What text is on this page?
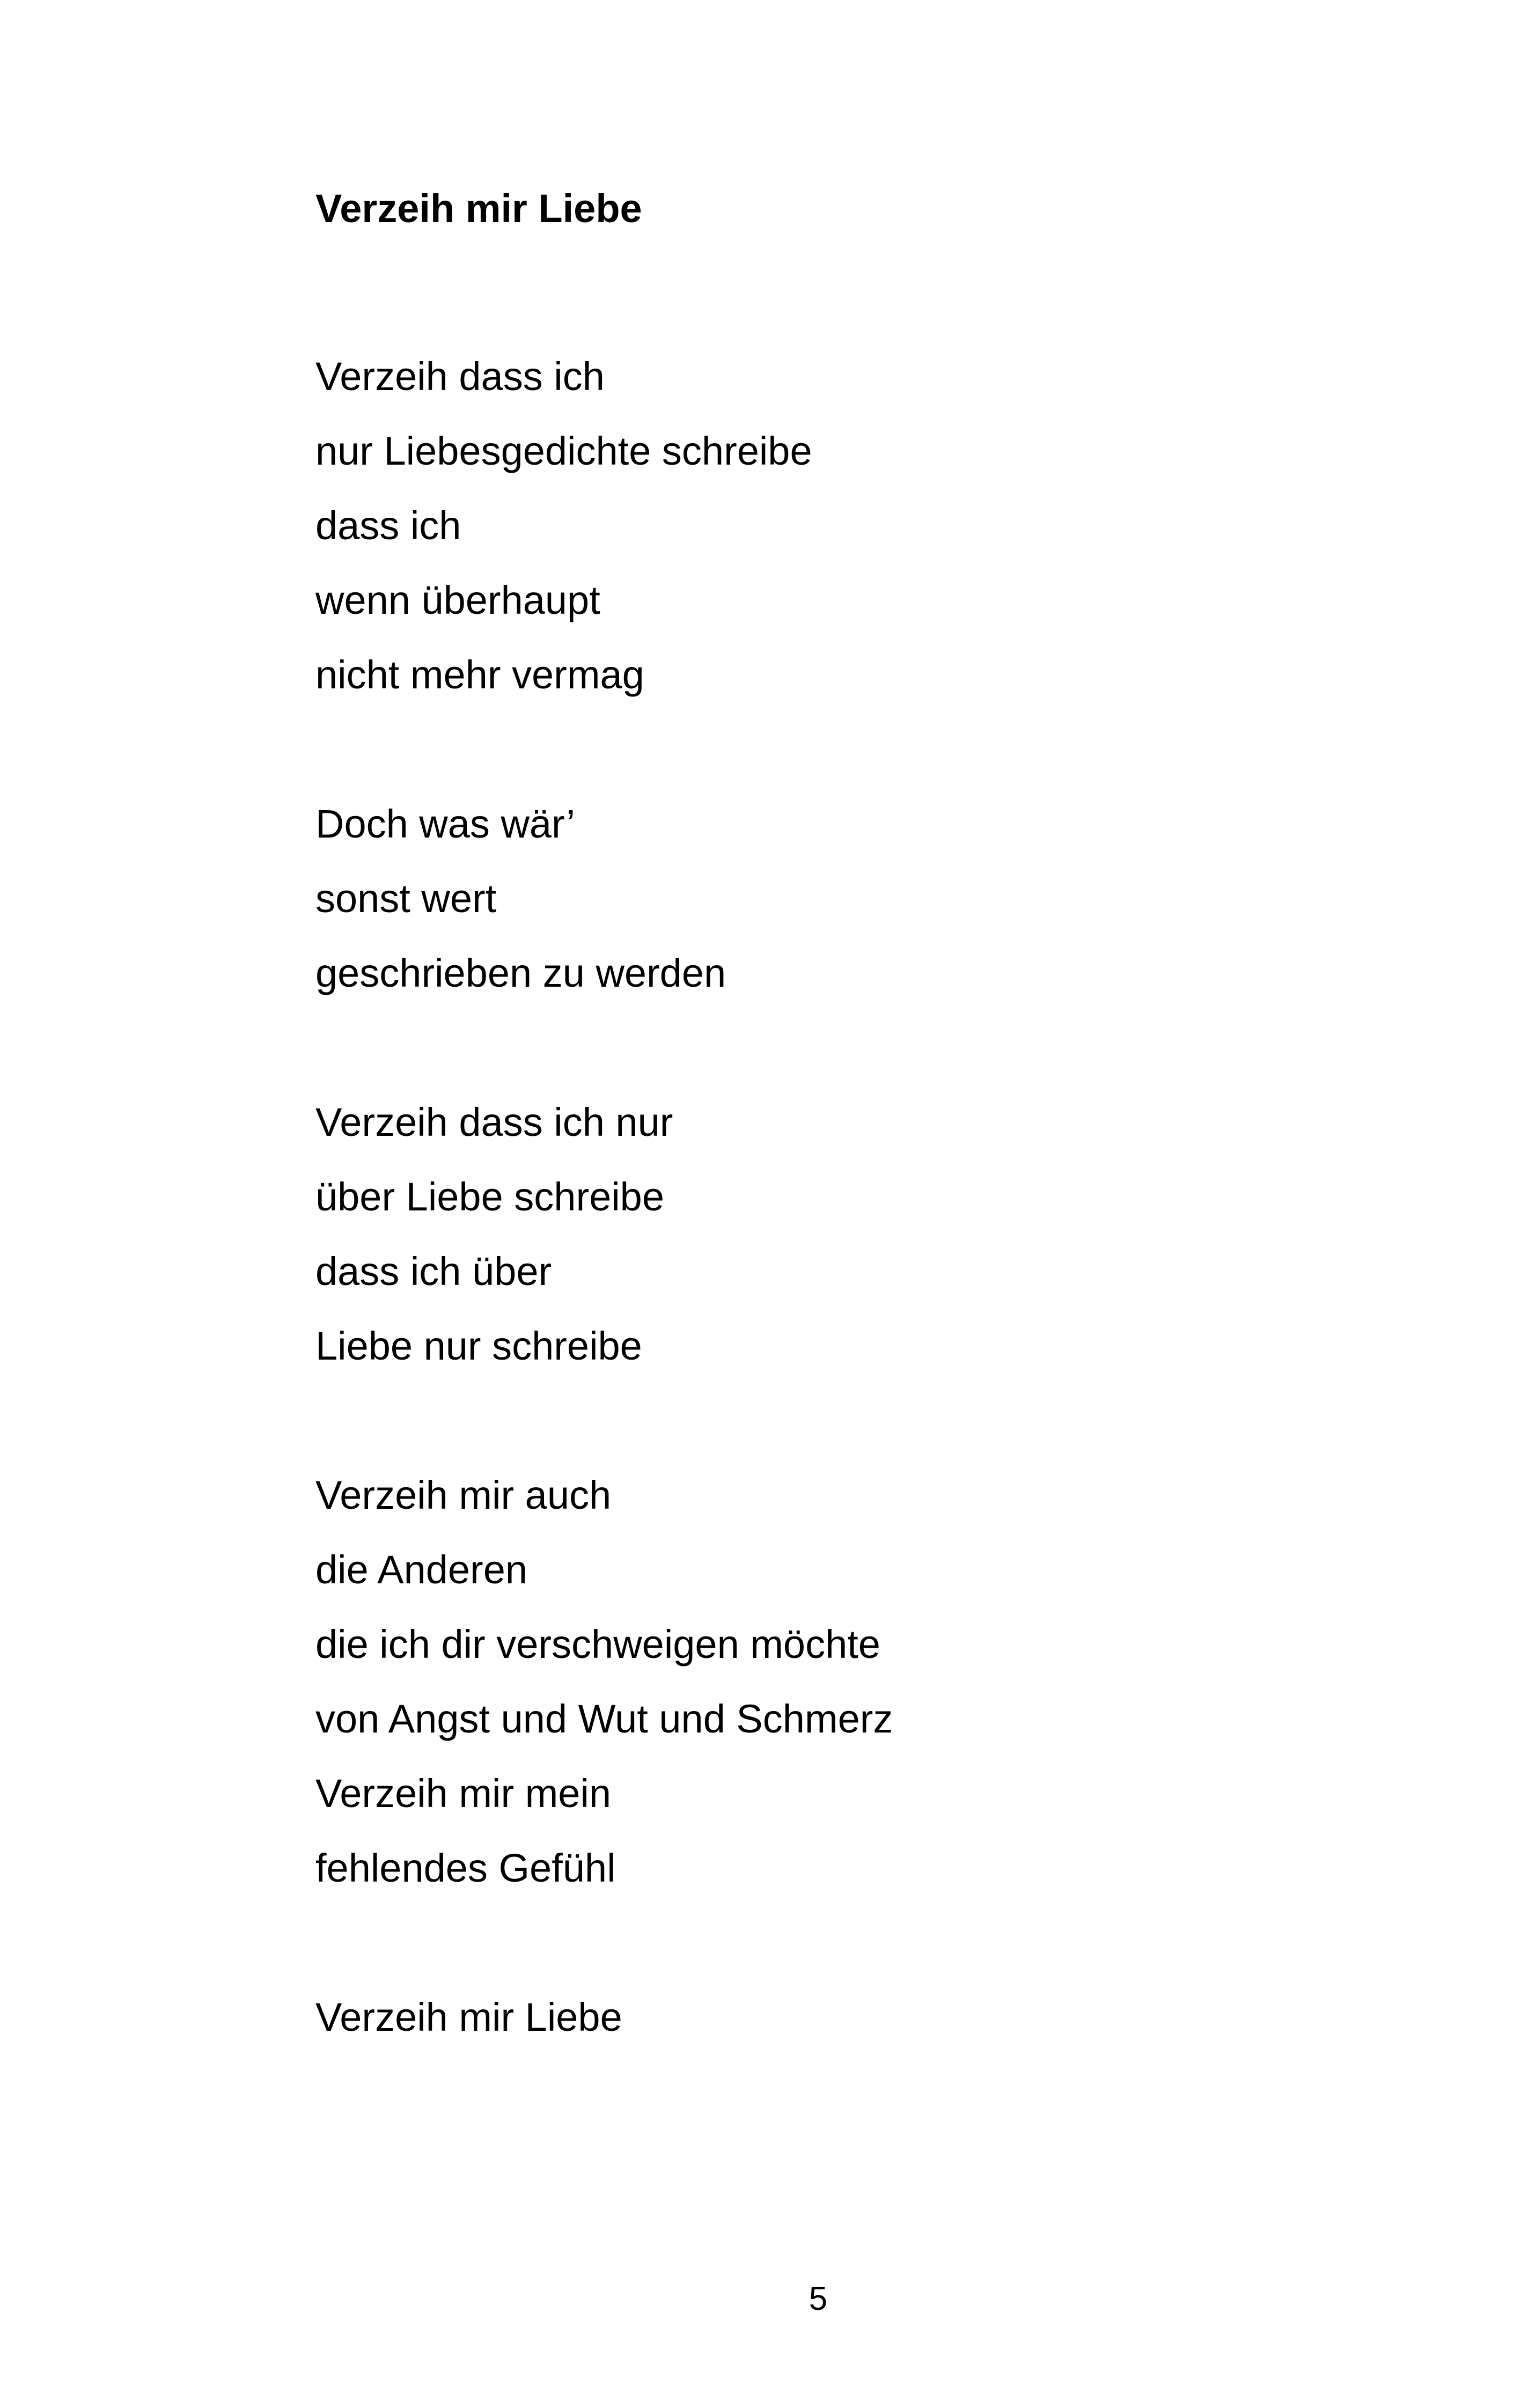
Verzeih mir Liebe
Verzeih dass ich
nur Liebesgedichte schreibe
dass ich
wenn überhaupt
nicht mehr vermag
Doch was wär’
sonst wert
geschrieben zu werden
Verzeih dass ich nur
über Liebe schreibe
dass ich über
Liebe nur schreibe
Verzeih mir auch
die Anderen
die ich dir verschweigen möchte
von Angst und Wut und Schmerz
Verzeih mir mein
fehlendes Gefühl
Verzeih mir Liebe
5
